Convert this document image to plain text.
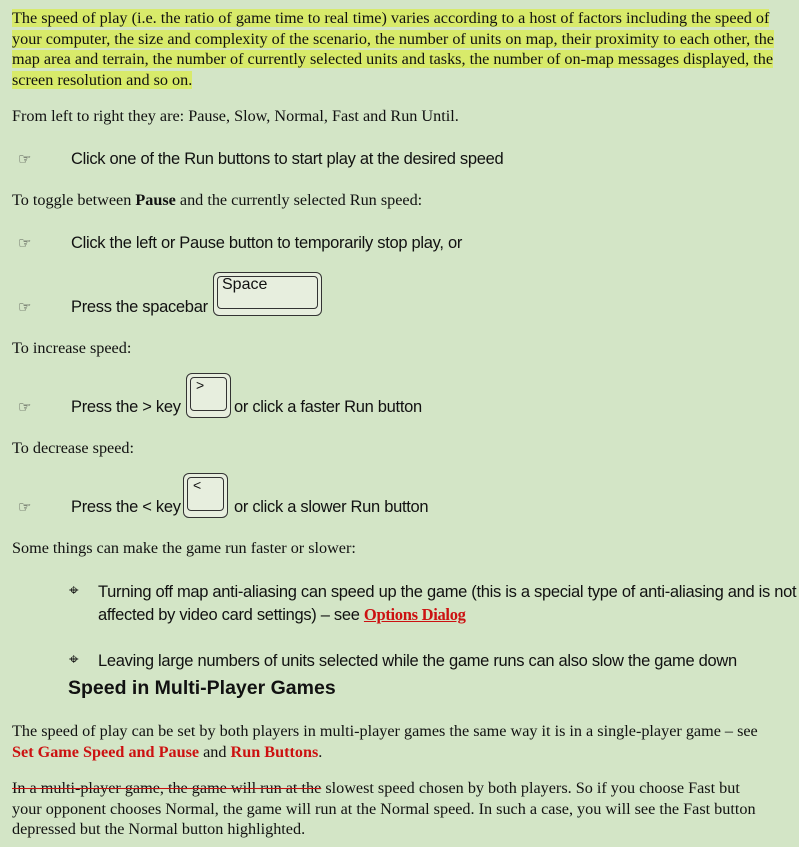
The speed of play (i.e. the ratio of game time to real time) varies according to a host of factors including the speed of your computer, the size and complexity of the scenario, the number of units on map, their proximity to each other, the map area and terrain, the number of currently selected units and tasks, the number of on-map messages displayed, the screen resolution and so on.
From left to right they are: Pause, Slow, Normal, Fast and Run Until.
☞ Click one of the Run buttons to start play at the desired speed
To toggle between Pause and the currently selected Run speed:
☞ Click the left or Pause button to temporarily stop play, or
☞ Press the spacebar
Space
To increase speed:
☞ Press the > key	or click a faster Run button
>
To decrease speed:
☞ Press the < key	or click a slower Run button
<
Some things can make the game run faster or slower:
⌖ Turning off map anti-aliasing can speed up the game (this is a special type of anti-aliasing and is not
affected by video card settings) – see Options Dialog
⌖ Leaving large numbers of units selected while the game runs can also slow the game down
Speed in Multi-Player Games
The speed of play can be set by both players in multi-player games the same way it is in a single-player game – see
Set Game Speed and Pause and Run Buttons.
In a multi-player game, the game will run at the slowest speed chosen by both players. So if you choose Fast but
your opponent chooses Normal, the game will run at the Normal speed. In such a case, you will see the Fast button
depressed but the Normal button highlighted.
